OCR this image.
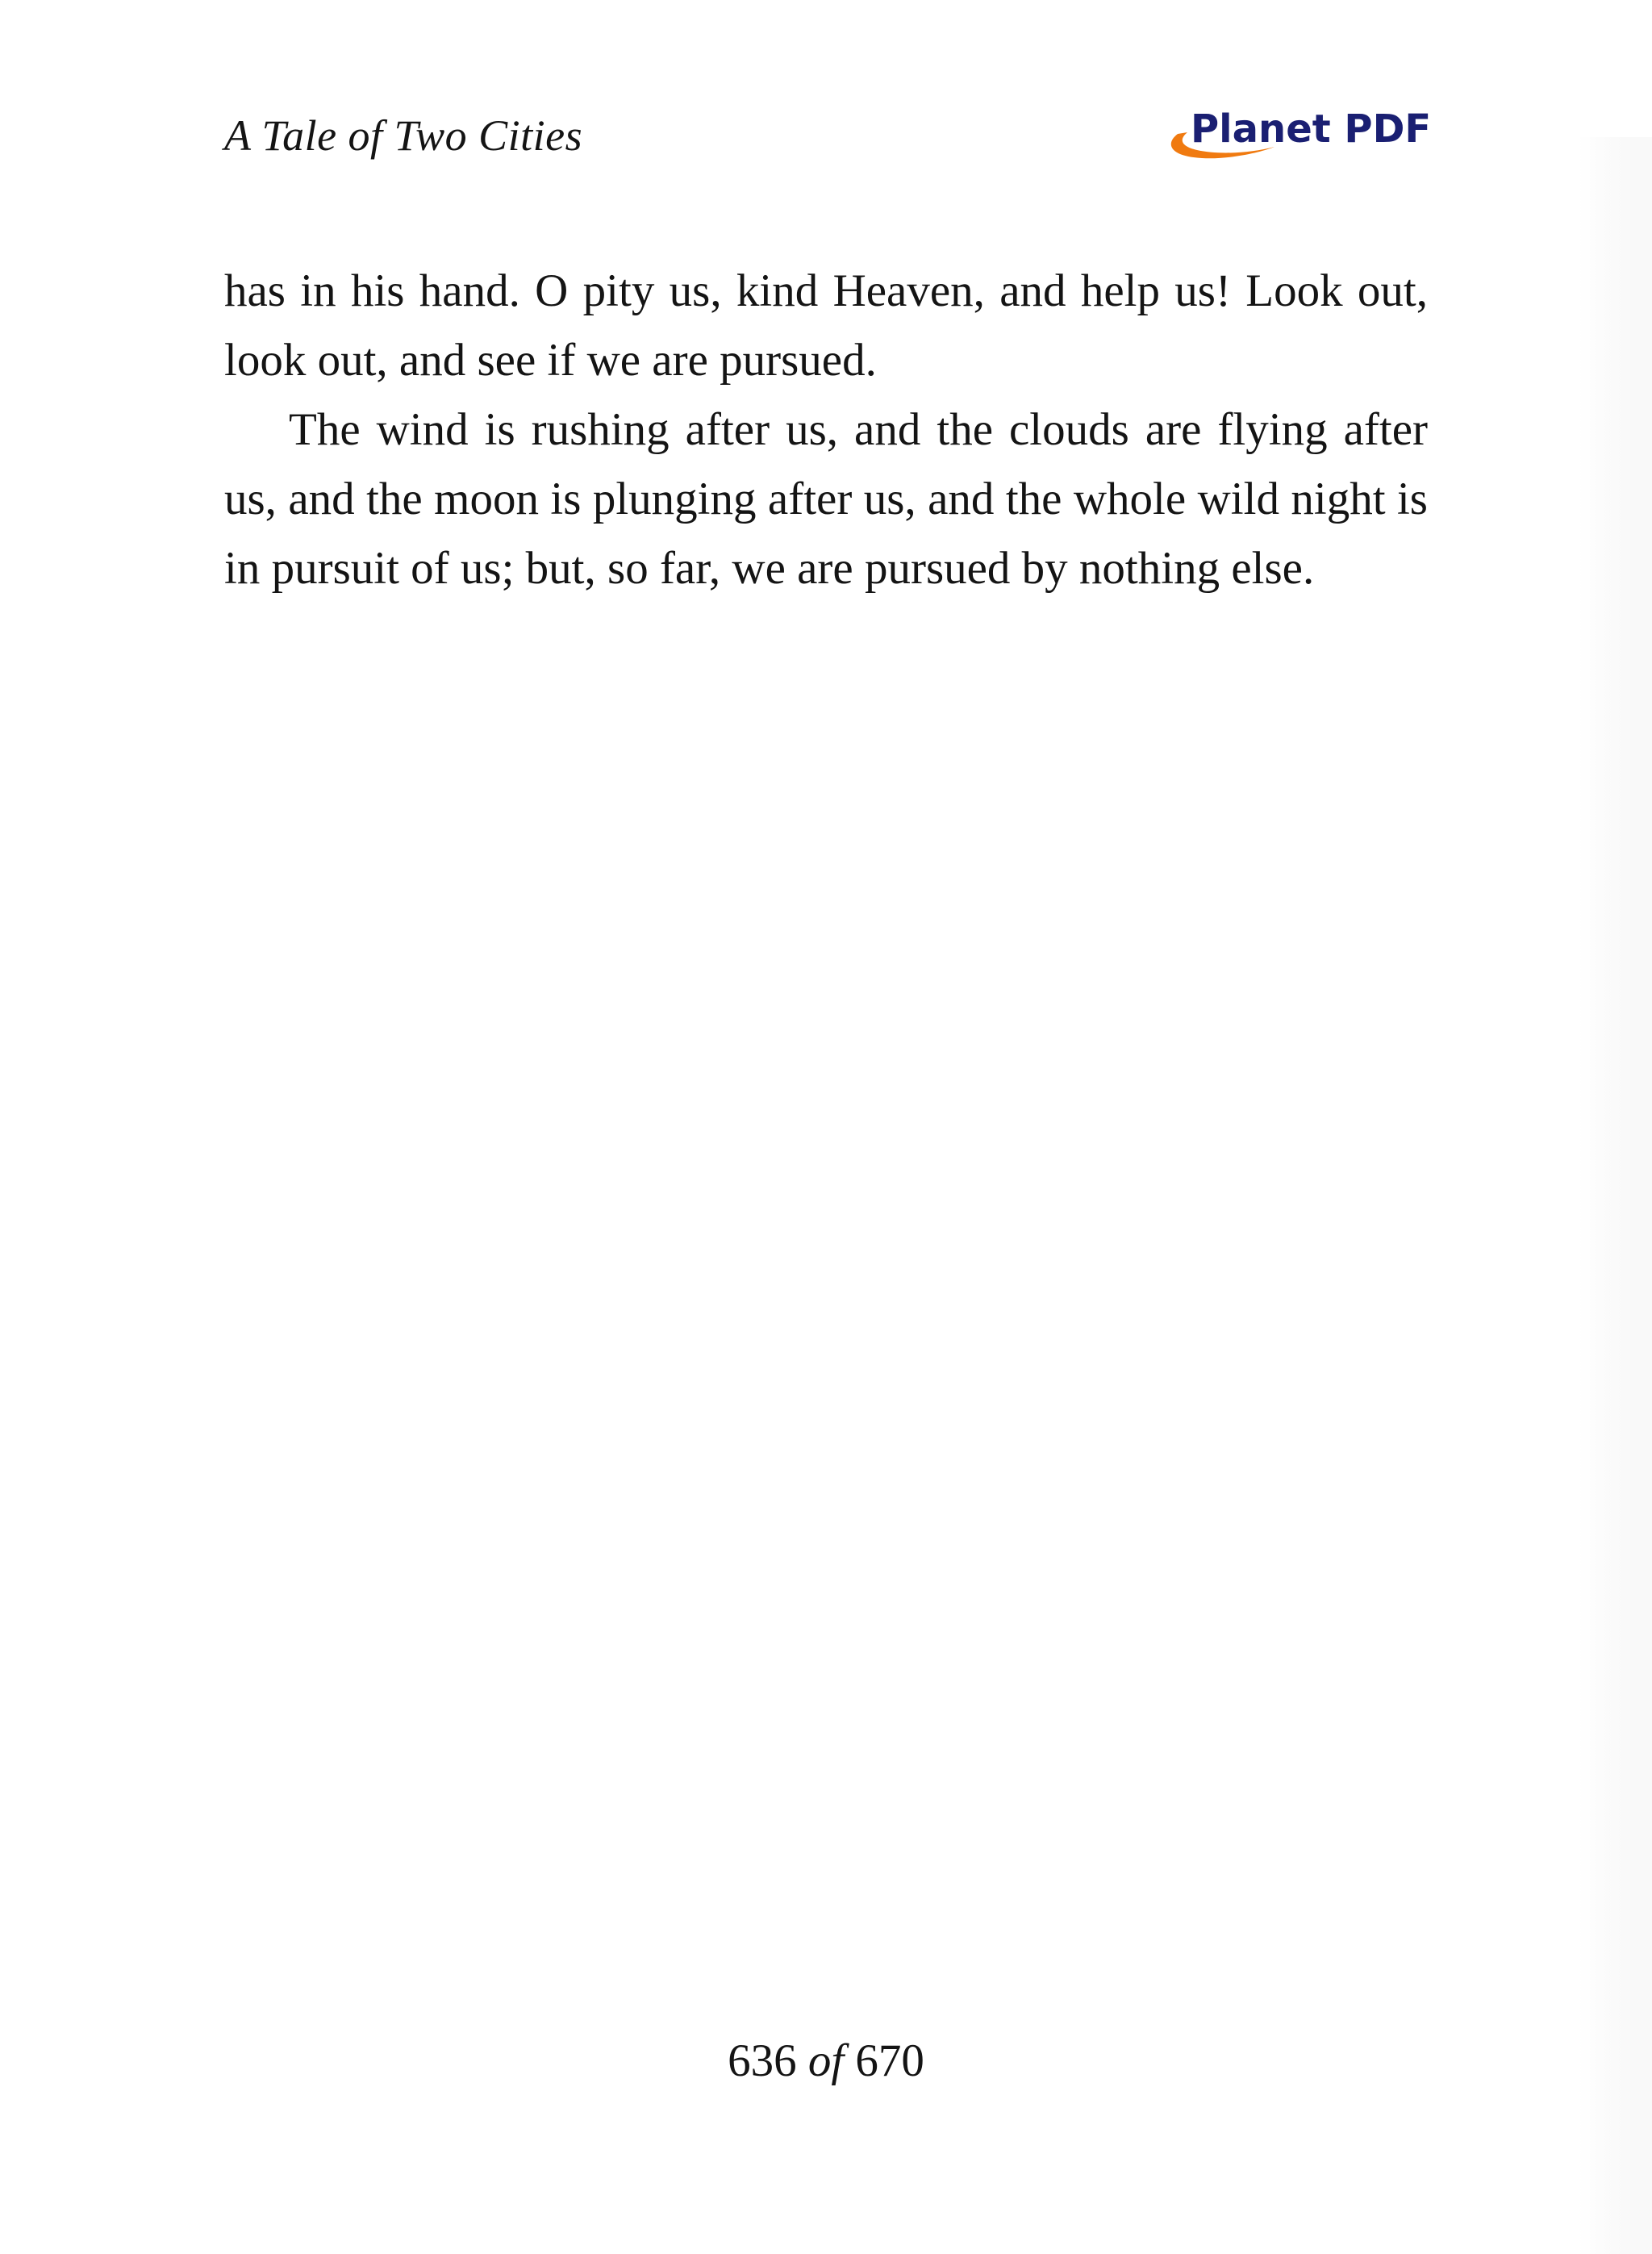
A Tale of Two Cities	Planet PDF

has in his hand. O pity us, kind Heaven, and help us! Look out, look out, and see if we are pursued.

The wind is rushing after us, and the clouds are flying after us, and the moon is plunging after us, and the whole wild night is in pursuit of us; but, so far, we are pursued by nothing else.

636 of 670
